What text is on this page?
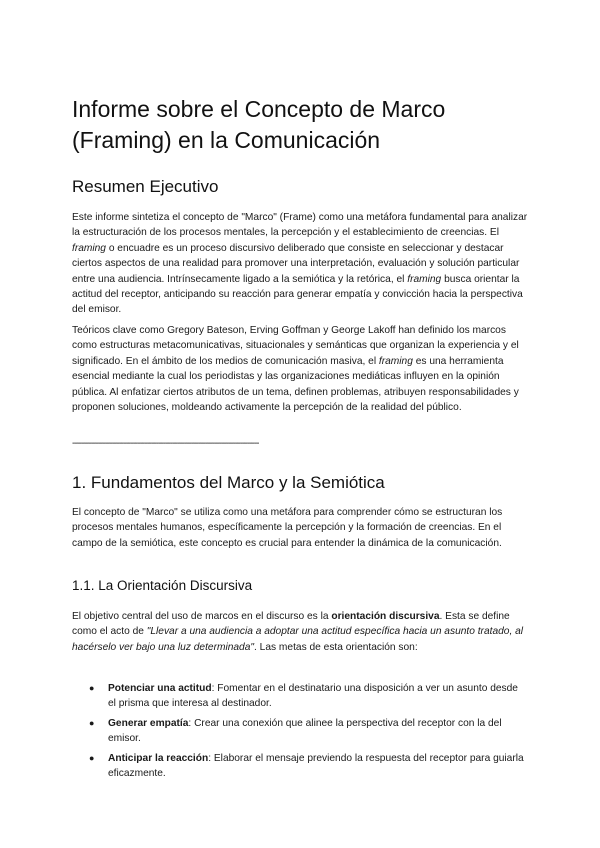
Informe sobre el Concepto de Marco (Framing) en la Comunicación
Resumen Ejecutivo

Este informe sintetiza el concepto de "Marco" (Frame) como una metáfora fundamental para analizar la estructuración de los procesos mentales, la percepción y el establecimiento de creencias. El framing o encuadre es un proceso discursivo deliberado que consiste en seleccionar y destacar ciertos aspectos de una realidad para promover una interpretación, evaluación y solución particular entre una audiencia. Intrínsecamente ligado a la semiótica y la retórica, el framing busca orientar la actitud del receptor, anticipando su reacción para generar empatía y convicción hacia la perspectiva del emisor.

Teóricos clave como Gregory Bateson, Erving Goffman y George Lakoff han definido los marcos como estructuras metacomunicativas, situacionales y semánticas que organizan la experiencia y el significado. En el ámbito de los medios de comunicación masiva, el framing es una herramienta esencial mediante la cual los periodistas y las organizaciones mediáticas influyen en la opinión pública. Al enfatizar ciertos atributos de un tema, definen problemas, atribuyen responsabilidades y proponen soluciones, moldeando activamente la percepción de la realidad del público.

--------------------------------------------------------------------------------
1. Fundamentos del Marco y la Semiótica

El concepto de "Marco" se utiliza como una metáfora para comprender cómo se estructuran los procesos mentales humanos, específicamente la percepción y la formación de creencias. En el campo de la semiótica, este concepto es crucial para entender la dinámica de la comunicación.

1.1. La Orientación Discursiva

El objetivo central del uso de marcos en el discurso es la orientación discursiva. Esta se define como el acto de "Llevar a una audiencia a adoptar una actitud específica hacia un asunto tratado, al hacérselo ver bajo una luz determinada". Las metas de esta orientación son:

● Potenciar una actitud: Fomentar en el destinatario una disposición a ver un asunto desde el prisma que interesa al destinador.
● Generar empatía: Crear una conexión que alinee la perspectiva del receptor con la del emisor.
● Anticipar la reacción: Elaborar el mensaje previendo la respuesta del receptor para guiarla eficazmente.
